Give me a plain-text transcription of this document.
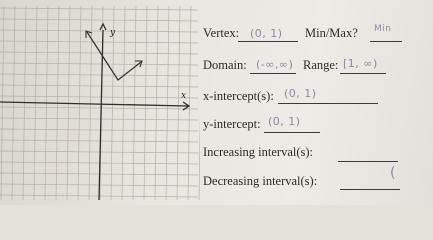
y
x
Vertex: (0, 1) Min/Max? Min
Domain: (-∞,∞) Range: [1, ∞)
x-intercept(s): (0, 1)
y-intercept: (0, 1)
Increasing interval(s):
Decreasing interval(s):	(
